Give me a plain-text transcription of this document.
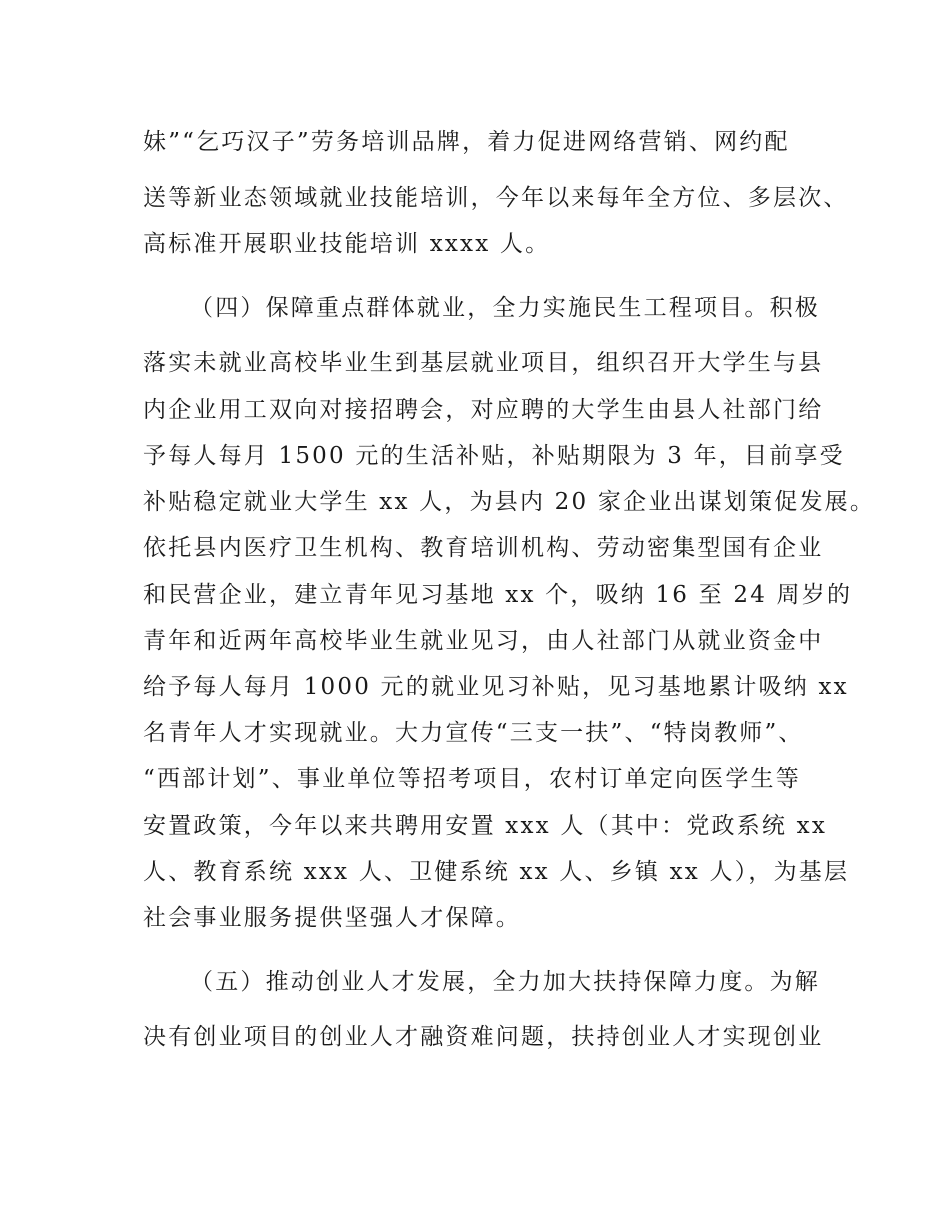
妹”“乞巧汉子”劳务培训品牌，着力促进网络营销、网约配
送等新业态领域就业技能培训，今年以来每年全方位、多层次、
高标准开展职业技能培训 xxxx 人。
（四）保障重点群体就业，全力实施民生工程项目。积极
落实未就业高校毕业生到基层就业项目，组织召开大学生与县
内企业用工双向对接招聘会，对应聘的大学生由县人社部门给
予每人每月 1500 元的生活补贴，补贴期限为 3 年，目前享受
补贴稳定就业大学生 xx 人，为县内 20 家企业出谋划策促发展。
依托县内医疗卫生机构、教育培训机构、劳动密集型国有企业
和民营企业，建立青年见习基地 xx 个，吸纳 16 至 24 周岁的
青年和近两年高校毕业生就业见习，由人社部门从就业资金中
给予每人每月 1000 元的就业见习补贴，见习基地累计吸纳 xx
名青年人才实现就业。大力宣传“三支一扶”、“特岗教师”、
“西部计划”、事业单位等招考项目，农村订单定向医学生等
安置政策，今年以来共聘用安置 xxx 人（其中：党政系统 xx
人、教育系统 xxx 人、卫健系统 xx 人、乡镇 xx 人），为基层
社会事业服务提供坚强人才保障。
（五）推动创业人才发展，全力加大扶持保障力度。为解
决有创业项目的创业人才融资难问题，扶持创业人才实现创业
